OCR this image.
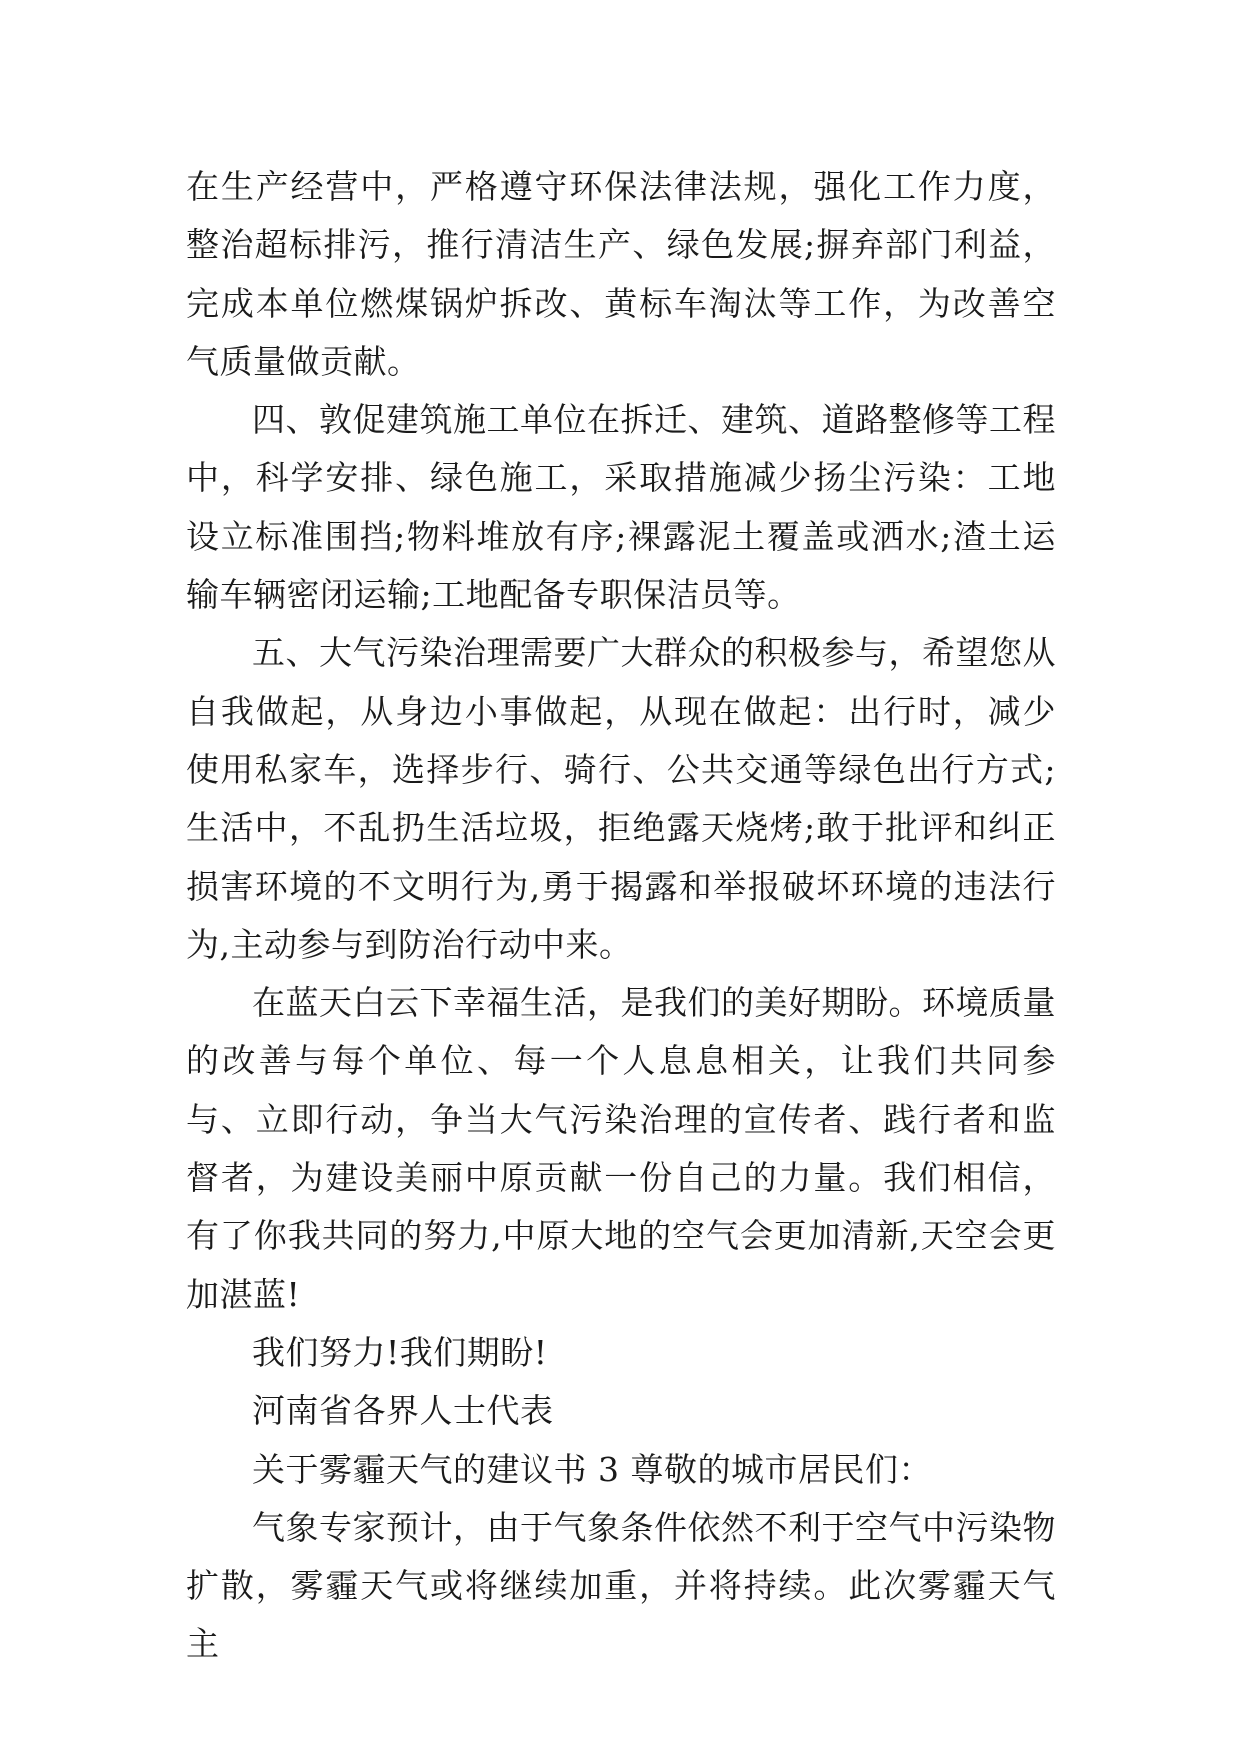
在生产经营中，严格遵守环保法律法规，强化工作力度，整治超标排污，推行清洁生产、绿色发展;摒弃部门利益，完成本单位燃煤锅炉拆改、黄标车淘汰等工作，为改善空气质量做贡献。

四、敦促建筑施工单位在拆迁、建筑、道路整修等工程中，科学安排、绿色施工，采取措施减少扬尘污染：工地设立标准围挡;物料堆放有序;裸露泥土覆盖或洒水;渣土运输车辆密闭运输;工地配备专职保洁员等。

五、大气污染治理需要广大群众的积极参与，希望您从自我做起，从身边小事做起，从现在做起：出行时，减少使用私家车，选择步行、骑行、公共交通等绿色出行方式;生活中，不乱扔生活垃圾，拒绝露天烧烤;敢于批评和纠正损害环境的不文明行为,勇于揭露和举报破坏环境的违法行为,主动参与到防治行动中来。

在蓝天白云下幸福生活，是我们的美好期盼。环境质量的改善与每个单位、每一个人息息相关，让我们共同参与、立即行动，争当大气污染治理的宣传者、践行者和监督者，为建设美丽中原贡献一份自己的力量。我们相信，有了你我共同的努力,中原大地的空气会更加清新,天空会更加湛蓝!

我们努力!我们期盼!

河南省各界人士代表

关于雾霾天气的建议书 3 尊敬的城市居民们：

气象专家预计，由于气象条件依然不利于空气中污染物扩散，雾霾天气或将继续加重，并将持续。此次雾霾天气主
